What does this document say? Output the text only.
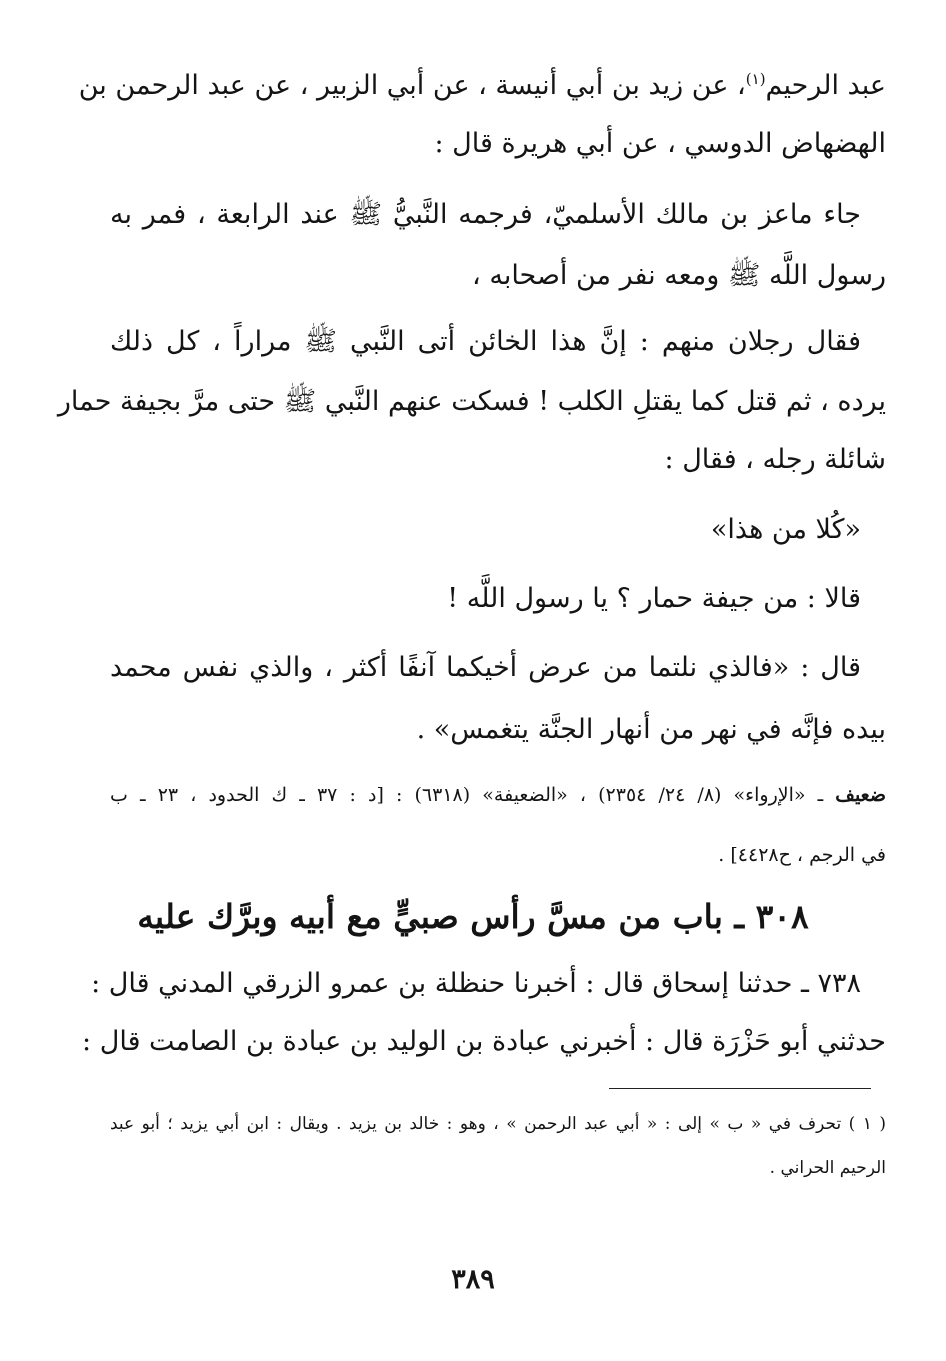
عبد الرحيم$^{(١)}$، عن زيد بن أبي أنيسة ، عن أبي الزبير ، عن عبد الرحمن بن
الهضهاض الدوسي ، عن أبي هريرة قال :
جاء ماعز بن مالك الأسلميّ، فرجمه النَّبيُّ ﷺ عند الرابعة ، فمر به
رسول اللَّه ﷺ ومعه نفر من أصحابه ،
فقال رجلان منهم : إنَّ هذا الخائن أتى النَّبي ﷺ مراراً ، كل ذلك
يرده ، ثم قتل كما يقتلِ الكلب ! فسكت عنهم النَّبي ﷺ حتى مرَّ بجيفة حمار
شائلة رجله ، فقال :
«كُلا من هذا»
قالا : من جيفة حمار ؟ يا رسول اللَّه !
قال : «فالذي نلتما من عرض أخيكما آنفًا أكثر ، والذي نفس محمد
بيده فإنَّه في نهر من أنهار الجنَّة يتغمس» .
ضعيف ـ «الإرواء» (٨/ ٢٤/ ٢٣٥٤) ، «الضعيفة» (٦٣١٨) : [د : ٣٧ ـ ك الحدود ، ٢٣ ـ ب
في الرجم ، ح٤٤٢٨] .
٣٠٨ ـ باب من مسَّ رأس صبيٍّ مع أبيه وبرَّك عليه
٧٣٨ ـ حدثنا إسحاق قال : أخبرنا حنظلة بن عمرو الزرقي المدني قال :
حدثني أبو حَزْرَة قال : أخبرني عبادة بن الوليد بن عبادة بن الصامت قال :
( ١ ) تحرف في « ب » إلى : « أبي عبد الرحمن » ، وهو : خالد بن يزيد . ويقال : ابن أبي يزيد ؛ أبو عبد
الرحيم الحراني .
٣٨٩
